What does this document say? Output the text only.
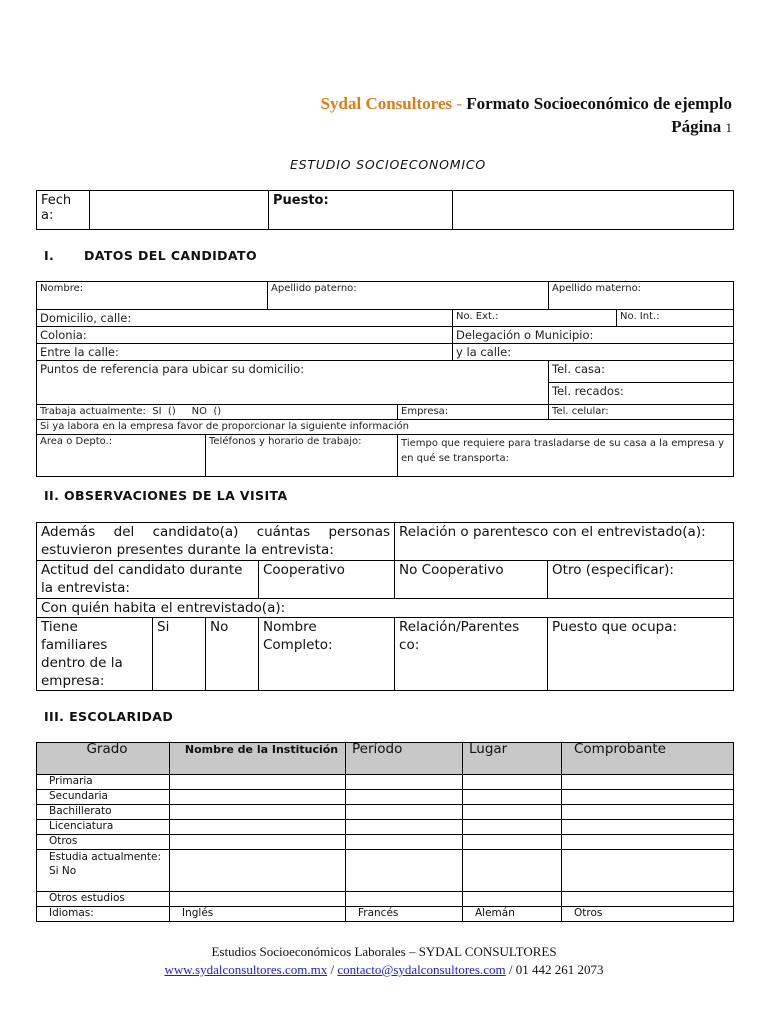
Sydal Consultores - Formato Socioeconómico de ejemplo
Página 1
ESTUDIO SOCIOECONOMICO
Fech a:		Puesto:	
I. DATOS DEL CANDIDATO
Nombre:		Apellido paterno:			Apellido materno:	
Domicilio, calle:				No. Ext.:		No. Int.:
Colonia:				Delegación o Municipio:		
Entre la calle:				y la calle:		
Puntos de referencia para ubicar su domicilio:					Tel. casa:	
					Tel. recados:	
Trabaja actualmente:  SI  ()     NO  ()			Empresa:		Tel. celular:	
Si ya labora en la empresa favor de proporcionar la siguiente información						
Area o Depto.:	Teléfonos y horario de trabajo:		Tiempo que requiere para trasladarse de su casa a la empresa y en qué se transporta:			
II. OBSERVACIONES DE LA VISITA
Además del candidato(a) cuántas personas estuvieron presentes durante la entrevista:				Relación o parentesco con el entrevistado(a):	
Actitud del candidato durante la entrevista:			Cooperativo	No Cooperativo	Otro (especificar):
Con quién habita el entrevistado(a):					
Tiene familiares dentro de la empresa:	Si	No	Nombre Completo:	Relación/Parentes co:	Puesto que ocupa:
III. ESCOLARIDAD
Grado	Nombre de la Institución	Período	Lugar	Comprobante
Primaria				
Secundaria				
Bachillerato				
Licenciatura				
Otros				
Estudia actualmente: Si No				
Otros estudios				
Idiomas:	Inglés	Francés	Alemán	Otros
Estudios Socioeconómicos Laborales – SYDAL CONSULTORES
www.sydalconsultores.com.mx / contacto@sydalconsultores.com / 01 442 261 2073
